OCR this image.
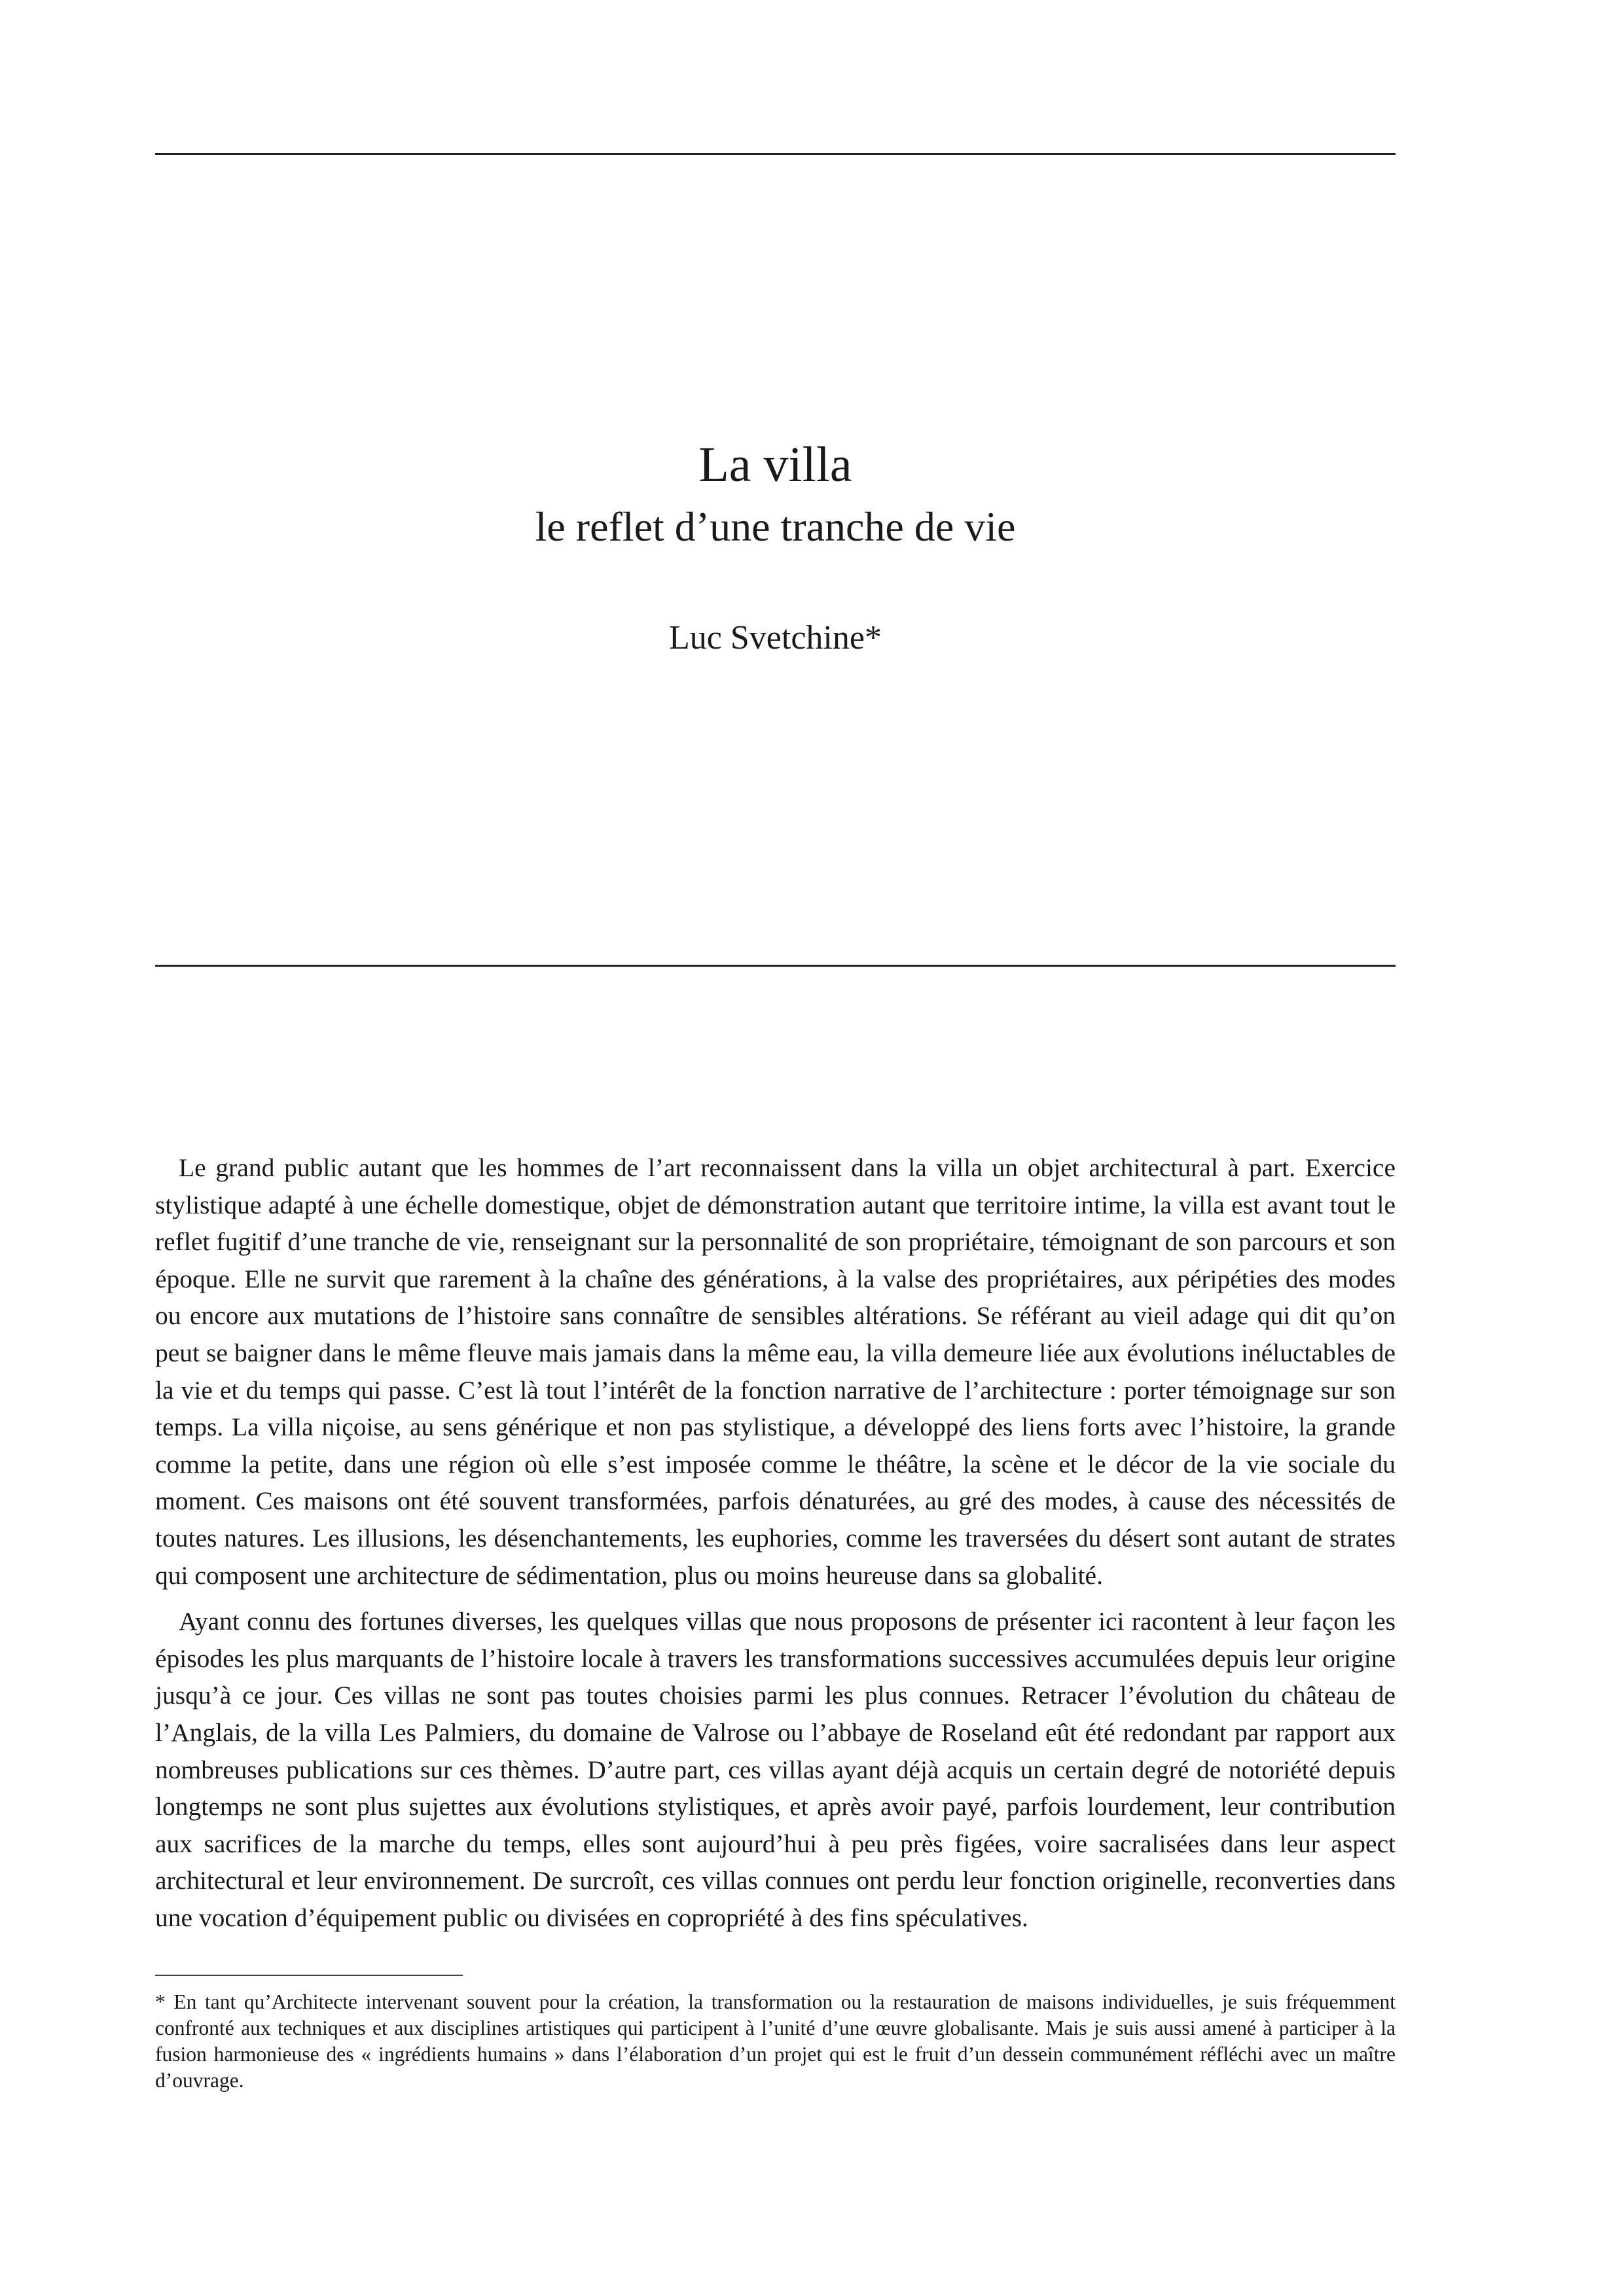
La villa
le reflet d’une tranche de vie
Luc Svetchine*

Le grand public autant que les hommes de l’art reconnaissent dans la villa un objet architectural à part. Exercice stylistique adapté à une échelle domestique, objet de démonstration autant que territoire intime, la villa est avant tout le reflet fugitif d’une tranche de vie, renseignant sur la personnalité de son propriétaire, témoignant de son parcours et son époque. Elle ne survit que rarement à la chaîne des générations, à la valse des propriétaires, aux péripéties des modes ou encore aux mutations de l’histoire sans connaître de sensibles altérations. Se référant au vieil adage qui dit qu’on peut se baigner dans le même fleuve mais jamais dans la même eau, la villa demeure liée aux évolutions inéluctables de la vie et du temps qui passe. C’est là tout l’intérêt de la fonction narrative de l’architecture : porter témoignage sur son temps. La villa niçoise, au sens générique et non pas stylistique, a développé des liens forts avec l’histoire, la grande comme la petite, dans une région où elle s’est imposée comme le théâtre, la scène et le décor de la vie sociale du moment. Ces maisons ont été souvent transformées, parfois dénaturées, au gré des modes, à cause des nécessités de toutes natures. Les illusions, les désenchantements, les euphories, comme les traversées du désert sont autant de strates qui composent une architecture de sédimentation, plus ou moins heureuse dans sa globalité.

Ayant connu des fortunes diverses, les quelques villas que nous proposons de présenter ici racontent à leur façon les épisodes les plus marquants de l’histoire locale à travers les transformations successives accumulées depuis leur origine jusqu’à ce jour. Ces villas ne sont pas toutes choisies parmi les plus connues. Retracer l’évolution du château de l’Anglais, de la villa Les Palmiers, du domaine de Valrose ou l’abbaye de Roseland eût été redondant par rapport aux nombreuses publications sur ces thèmes. D’autre part, ces villas ayant déjà acquis un certain degré de notoriété depuis longtemps ne sont plus sujettes aux évolutions stylistiques, et après avoir payé, parfois lourdement, leur contribution aux sacrifices de la marche du temps, elles sont aujourd’hui à peu près figées, voire sacralisées dans leur aspect architectural et leur environnement. De surcroît, ces villas connues ont perdu leur fonction originelle, reconverties dans une vocation d’équipement public ou divisées en copropriété à des fins spéculatives.

* En tant qu’Architecte intervenant souvent pour la création, la transformation ou la restauration de maisons individuelles, je suis fréquemment confronté aux techniques et aux disciplines artistiques qui participent à l’unité d’une œuvre globalisante. Mais je suis aussi amené à participer à la fusion harmonieuse des « ingrédients humains » dans l’élaboration d’un projet qui est le fruit d’un dessein communément réfléchi avec un maître d’ouvrage.
